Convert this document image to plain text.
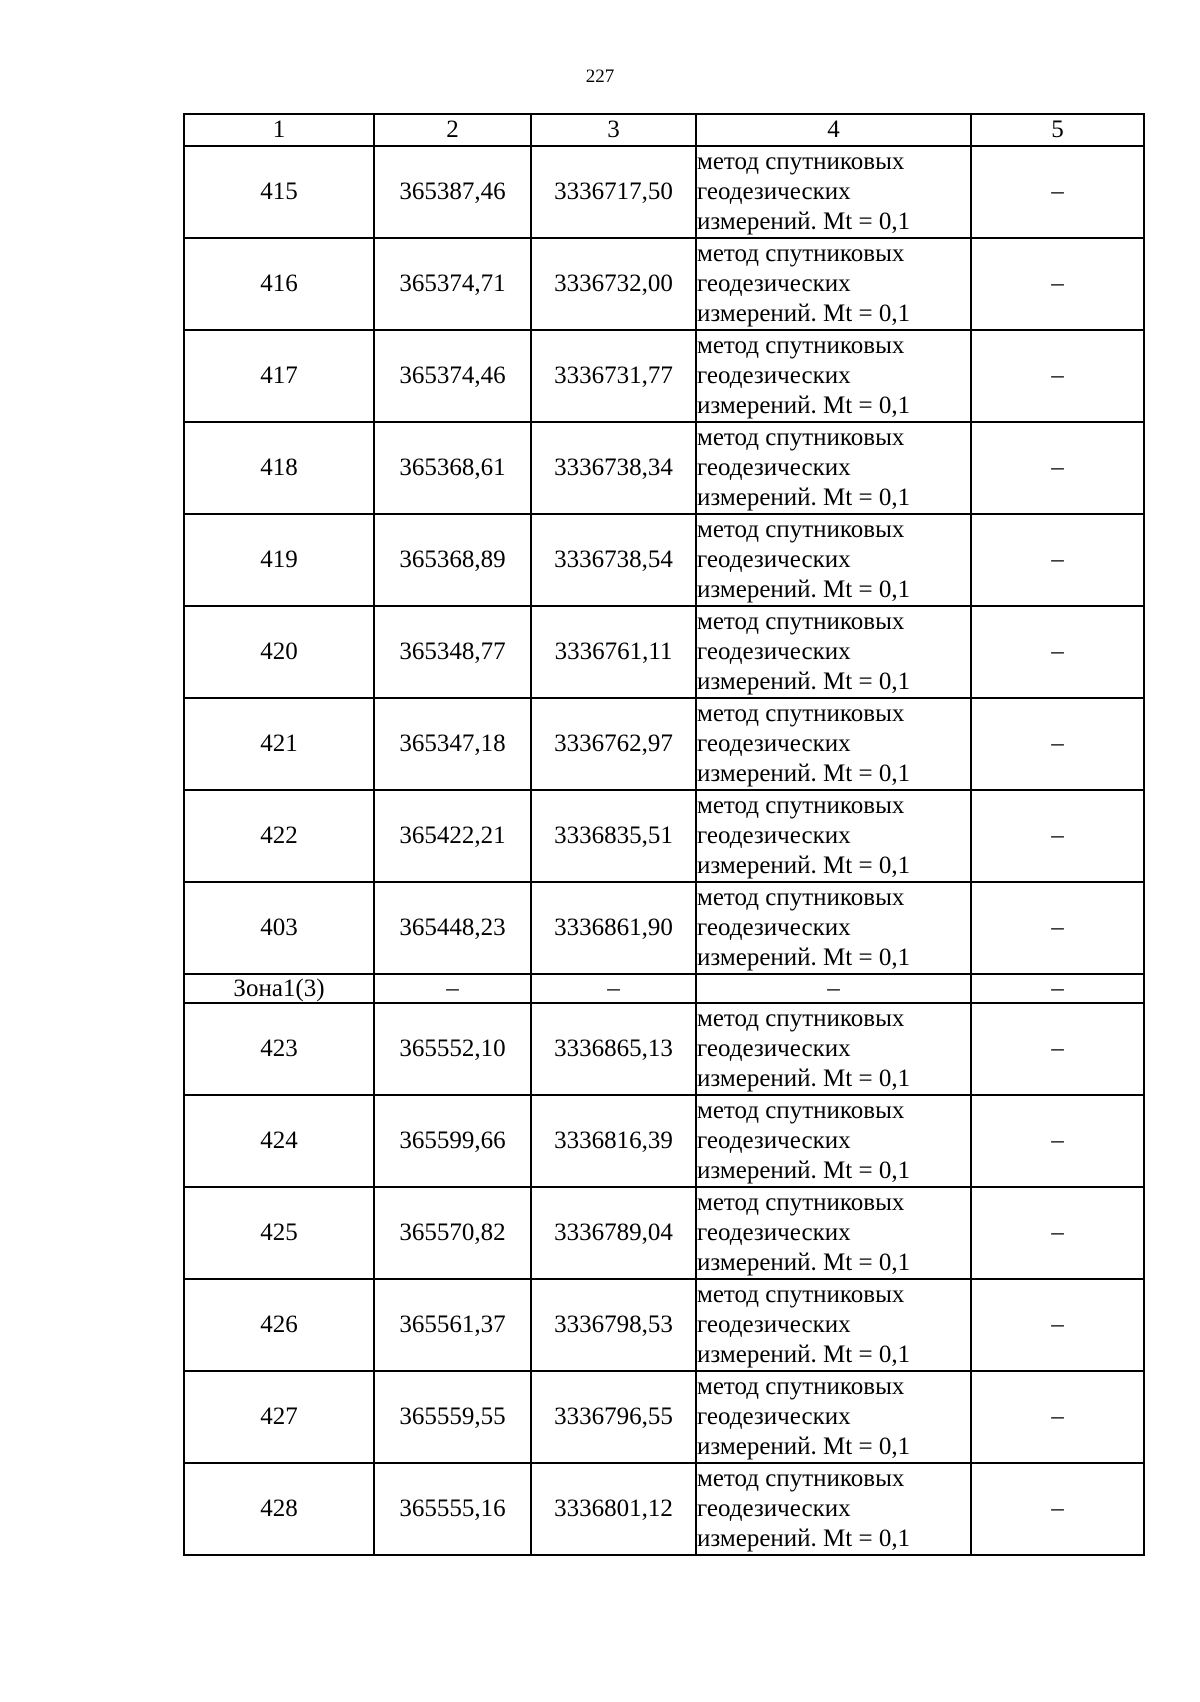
227
1	2	3	4	5
415	365387,46	3336717,50	метод спутниковых
геодезических
измерений. Mt = 0,1	–
416	365374,71	3336732,00	метод спутниковых
геодезических
измерений. Mt = 0,1	–
417	365374,46	3336731,77	метод спутниковых
геодезических
измерений. Mt = 0,1	–
418	365368,61	3336738,34	метод спутниковых
геодезических
измерений. Mt = 0,1	–
419	365368,89	3336738,54	метод спутниковых
геодезических
измерений. Mt = 0,1	–
420	365348,77	3336761,11	метод спутниковых
геодезических
измерений. Mt = 0,1	–
421	365347,18	3336762,97	метод спутниковых
геодезических
измерений. Mt = 0,1	–
422	365422,21	3336835,51	метод спутниковых
геодезических
измерений. Mt = 0,1	–
403	365448,23	3336861,90	метод спутниковых
геодезических
измерений. Mt = 0,1	–
Зона1(3)	–	–	–	–
423	365552,10	3336865,13	метод спутниковых
геодезических
измерений. Mt = 0,1	–
424	365599,66	3336816,39	метод спутниковых
геодезических
измерений. Mt = 0,1	–
425	365570,82	3336789,04	метод спутниковых
геодезических
измерений. Mt = 0,1	–
426	365561,37	3336798,53	метод спутниковых
геодезических
измерений. Mt = 0,1	–
427	365559,55	3336796,55	метод спутниковых
геодезических
измерений. Mt = 0,1	–
428	365555,16	3336801,12	метод спутниковых
геодезических
измерений. Mt = 0,1	–
